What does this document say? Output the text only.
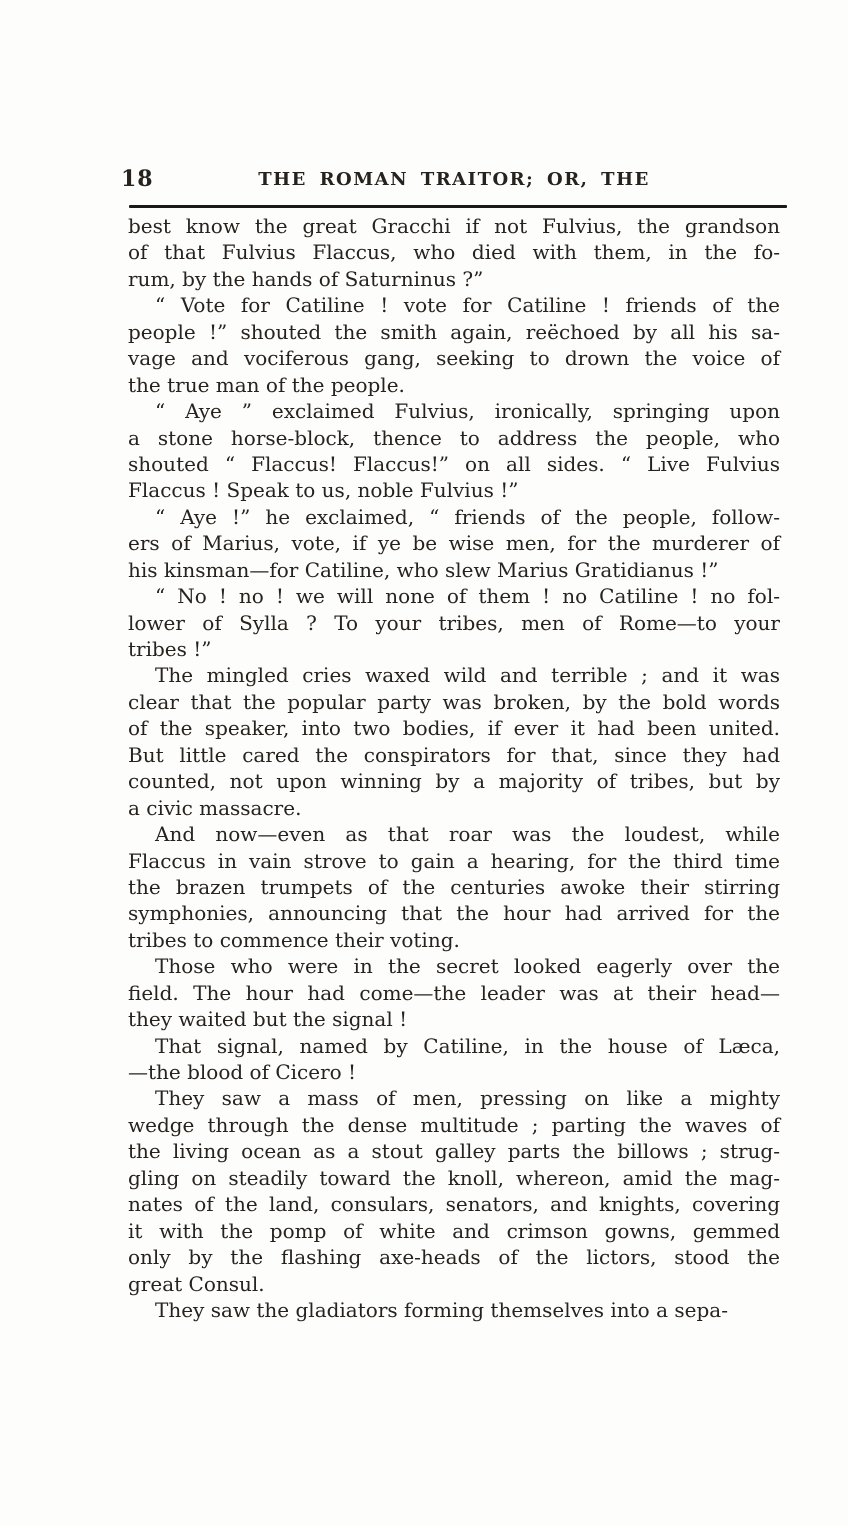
18	THE ROMAN TRAITOR; OR, THE
best know the great Gracchi if not Fulvius, the grandson
of that Fulvius Flaccus, who died with them, in the fo-
rum, by the hands of Saturninus ?”
“ Vote for Catiline ! vote for Catiline ! friends of the
people !” shouted the smith again, reëchoed by all his sa-
vage and vociferous gang, seeking to drown the voice of
the true man of the people.
“ Aye ” exclaimed Fulvius, ironically, springing upon
a stone horse-block, thence to address the people, who
shouted “ Flaccus! Flaccus!” on all sides. “ Live Fulvius
Flaccus ! Speak to us, noble Fulvius !”
“ Aye !” he exclaimed, “ friends of the people, follow-
ers of Marius, vote, if ye be wise men, for the murderer of
his kinsman—for Catiline, who slew Marius Gratidianus !”
“ No ! no ! we will none of them ! no Catiline ! no fol-
lower of Sylla ? To your tribes, men of Rome—to your
tribes !”
The mingled cries waxed wild and terrible ; and it was
clear that the popular party was broken, by the bold words
of the speaker, into two bodies, if ever it had been united.
But little cared the conspirators for that, since they had
counted, not upon winning by a majority of tribes, but by
a civic massacre.
And now—even as that roar was the loudest, while
Flaccus in vain strove to gain a hearing, for the third time
the brazen trumpets of the centuries awoke their stirring
symphonies, announcing that the hour had arrived for the
tribes to commence their voting.
Those who were in the secret looked eagerly over the
field. The hour had come—the leader was at their head—
they waited but the signal !
That signal, named by Catiline, in the house of Læca,
—the blood of Cicero !
They saw a mass of men, pressing on like a mighty
wedge through the dense multitude ; parting the waves of
the living ocean as a stout galley parts the billows ; strug-
gling on steadily toward the knoll, whereon, amid the mag-
nates of the land, consulars, senators, and knights, covering
it with the pomp of white and crimson gowns, gemmed
only by the flashing axe-heads of the lictors, stood the
great Consul.
They saw the gladiators forming themselves into a sepa-
